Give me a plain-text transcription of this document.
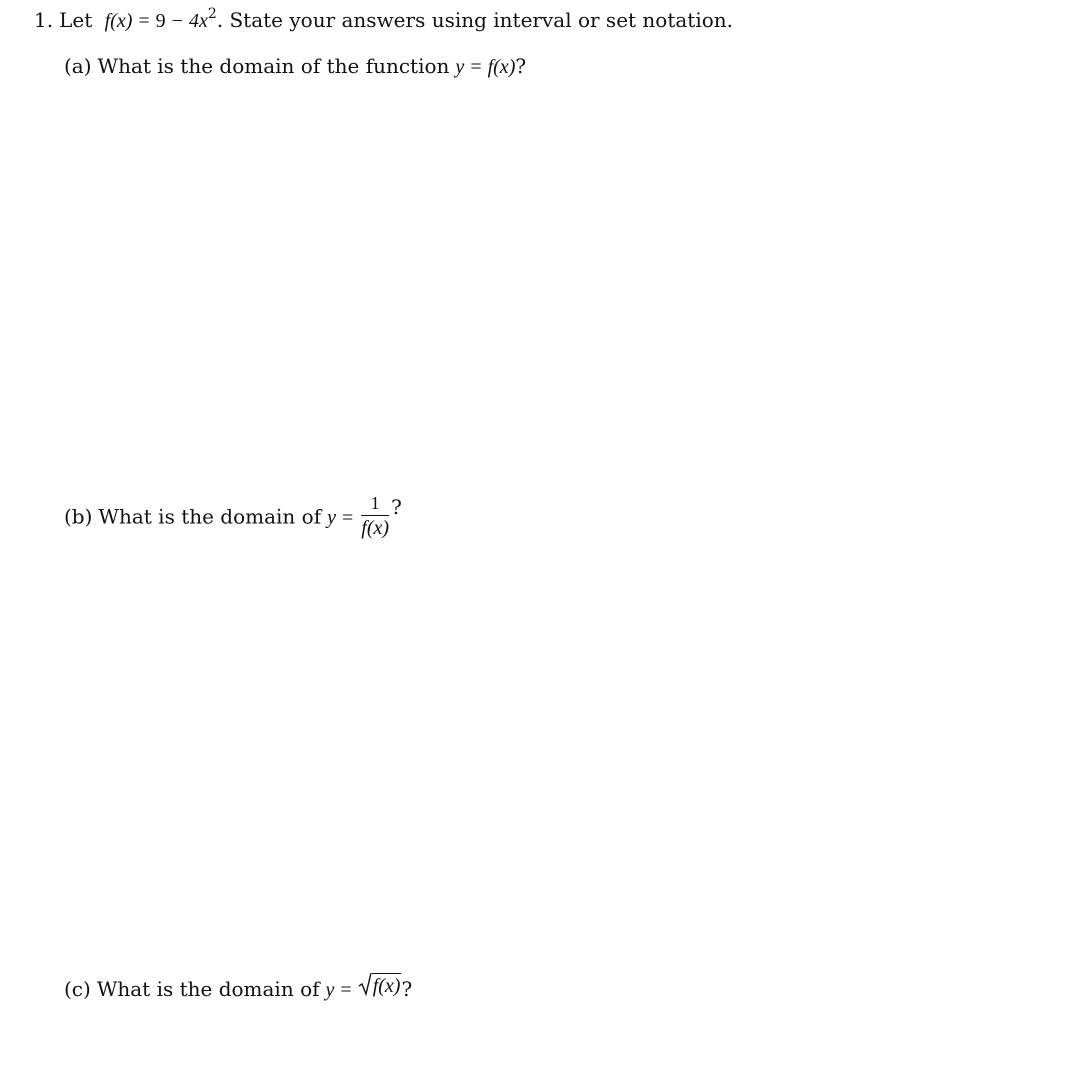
1. Let $f(x) = 9 - 4x^2$. State your answers using interval or set notation.
(a) What is the domain of the function y = f(x)?
(b) What is the domain of $y = \frac{1}{f(x)}$ ?
(c) What is the domain of y = f(x) ?
